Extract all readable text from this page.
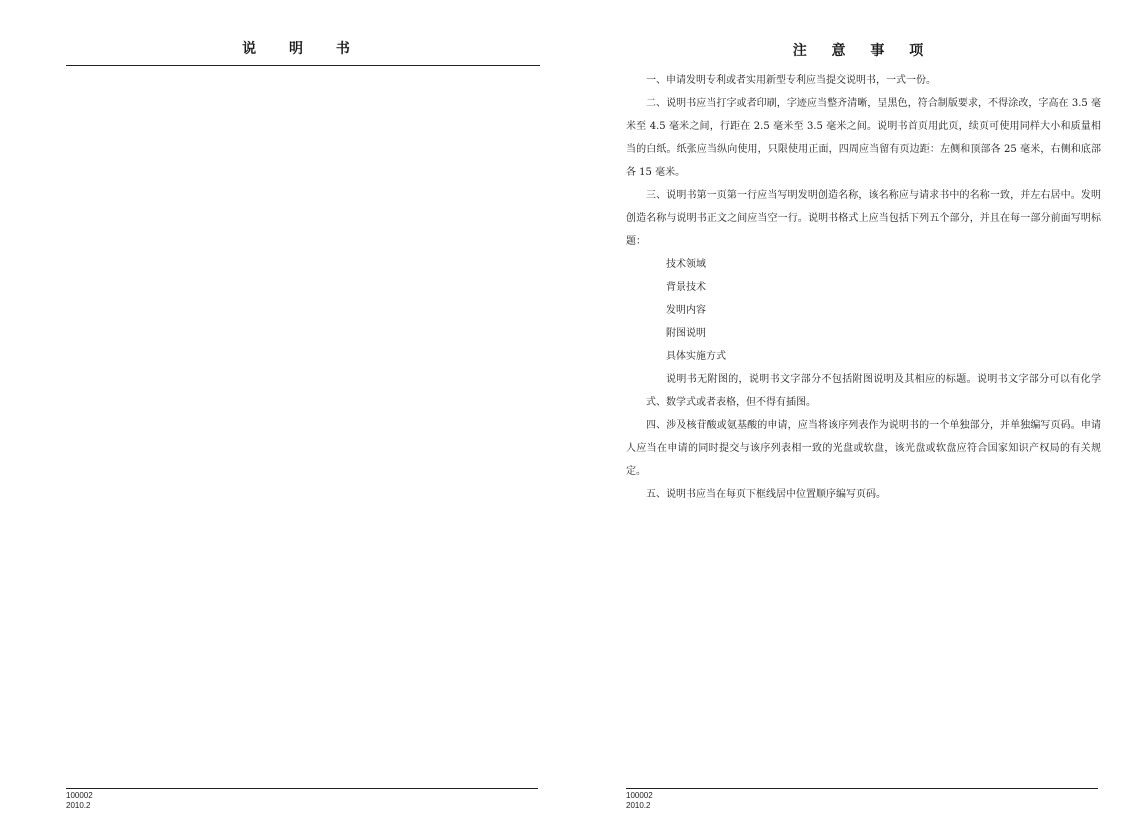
说 明 书
100002
2010.2
注 意 事 项

一、申请发明专利或者实用新型专利应当提交说明书，一式一份。

二、说明书应当打字或者印刷，字迹应当整齐清晰，呈黑色，符合制版要求，不得涂改，字高在 3.5 毫米至 4.5 毫米之间，行距在 2.5 毫米至 3.5 毫米之间。说明书首页用此页，续页可使用同样大小和质量相当的白纸。纸张应当纵向使用，只限使用正面，四周应当留有页边距：左侧和顶部各 25 毫米，右侧和底部各 15 毫米。

三、说明书第一页第一行应当写明发明创造名称，该名称应与请求书中的名称一致，并左右居中。发明创造名称与说明书正文之间应当空一行。说明书格式上应当包括下列五个部分，并且在每一部分前面写明标题：

技术领域

背景技术

发明内容

附图说明

具体实施方式

说明书无附图的，说明书文字部分不包括附图说明及其相应的标题。说明书文字部分可以有化学式、数学式或者表格，但不得有插图。

四、涉及核苷酸或氨基酸的申请，应当将该序列表作为说明书的一个单独部分，并单独编写页码。申请人应当在申请的同时提交与该序列表相一致的光盘或软盘，该光盘或软盘应符合国家知识产权局的有关规定。

五、说明书应当在每页下框线居中位置顺序编写页码。

100002
2010.2
